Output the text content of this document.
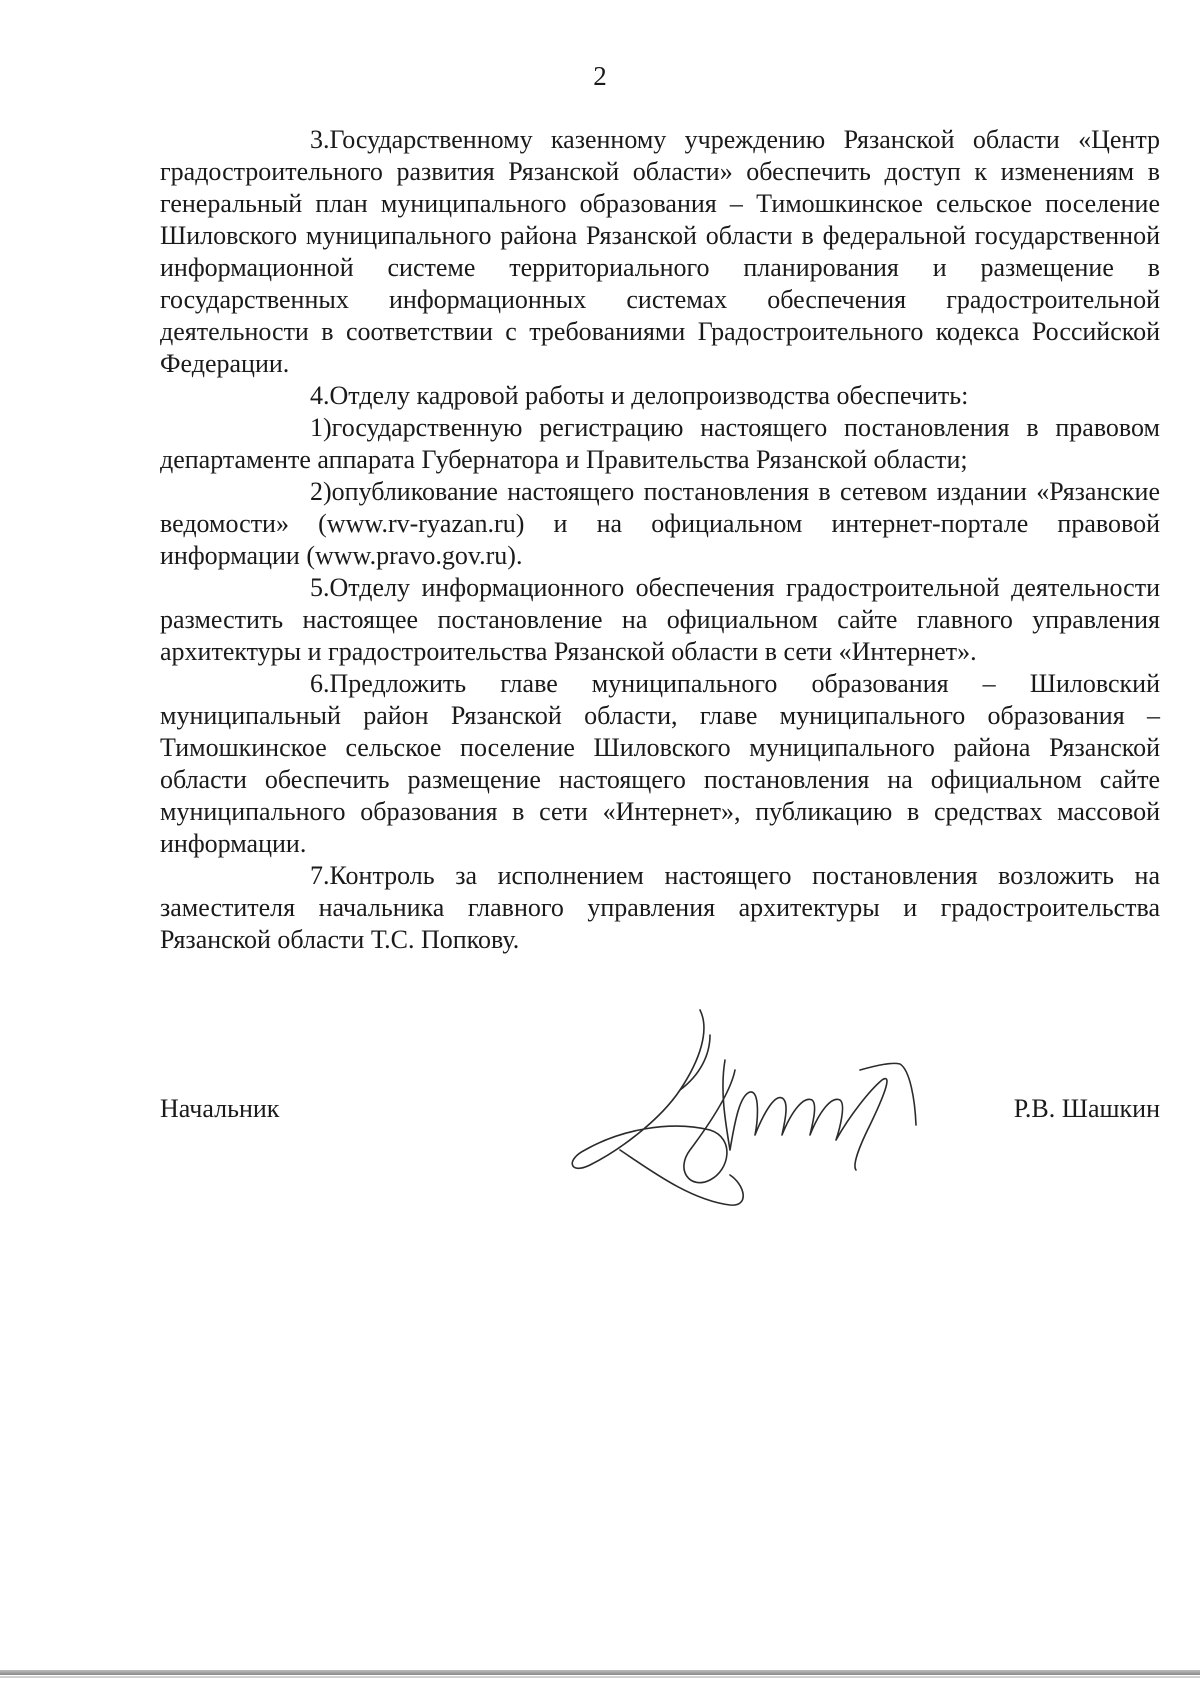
2

3.Государственному казенному учреждению Рязанской области «Центр градостроительного развития Рязанской области» обеспечить доступ к изменениям в генеральный план муниципального образования – Тимошкинское сельское поселение Шиловского муниципального района Рязанской области в федеральной государственной информационной системе территориального планирования и размещение в государственных информационных системах обеспечения градостроительной деятельности в соответствии с требованиями Градостроительного кодекса Российской Федерации.

4.Отделу кадровой работы и делопроизводства обеспечить:

1)государственную регистрацию настоящего постановления в правовом департаменте аппарата Губернатора и Правительства Рязанской области;

2)опубликование настоящего постановления в сетевом издании «Рязанские ведомости» (www.rv-ryazan.ru) и на официальном интернет-портале правовой информации (www.pravo.gov.ru).

5.Отделу информационного обеспечения градостроительной деятельности разместить настоящее постановление на официальном сайте главного управления архитектуры и градостроительства Рязанской области в сети «Интернет».

6.Предложить главе муниципального образования – Шиловский муниципальный район Рязанской области, главе муниципального образования – Тимошкинское сельское поселение Шиловского муниципального района Рязанской области обеспечить размещение настоящего постановления на официальном сайте муниципального образования в сети «Интернет», публикацию в средствах массовой информации.

7.Контроль за исполнением настоящего постановления возложить на заместителя начальника главного управления архитектуры и градостроительства Рязанской области Т.С. Попкову.

Начальник	Р.В. Шашкин
